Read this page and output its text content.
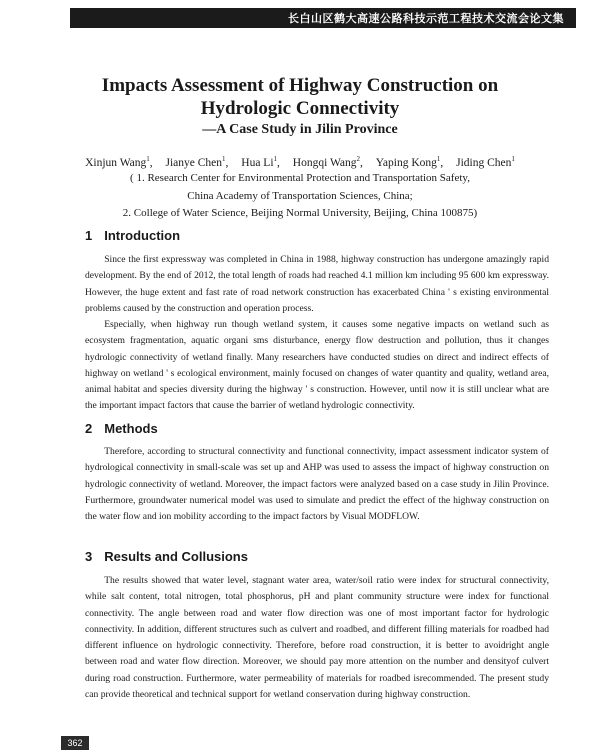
长白山区鹤大高速公路科技示范工程技术交流会论文集
Impacts Assessment of Highway Construction on
Hydrologic Connectivity
—A Case Study in Jilin Province
Xinjun Wang$^1$, Jianye Chen$^1$, Hua Li$^1$, Hongqi Wang$^2$, Yaping Kong$^1$, Jiding Chen$^1$
( 1. Research Center for Environmental Protection and Transportation Safety,
China Academy of Transportation Sciences, China;
2. College of Water Science, Beijing Normal University, Beijing, China 100875)
1 Introduction

Since the first expressway was completed in China in 1988, highway construction has undergone amazingly rapid development. By the end of 2012, the total length of roads had reached 4.1 million km including 95 600 km expressway. However, the huge extent and fast rate of road network construction has exacerbated China ' s existing environmental problems caused by the construction and operation process.

Especially, when highway run though wetland system, it causes some negative impacts on wetland such as ecosystem fragmentation, aquatic organi sms disturbance, energy flow destruction and pollution, thus it changes hydrologic connectivity of wetland finally. Many researchers have conducted studies on direct and indirect effects of highway on wetland ' s ecological environment, mainly focused on changes of water quantity and quality, wetland area, animal habitat and species diversity during the highway ' s construction. However, until now it is still unclear what are the important impact factors that cause the barrier of wetland hydrologic connectivity.

2 Methods

Therefore, according to structural connectivity and functional connectivity, impact assessment indicator system of hydrological connectivity in small-scale was set up and AHP was used to assess the impact of highway construction on hydrologic connectivity of wetland. Moreover, the impact factors were analyzed based on a case study in Jilin Province. Furthermore, groundwater numerical model was used to simulate and predict the effect of the highway construction on the water flow and ion mobility according to the impact factors by Visual MODFLOW.

3 Results and Collusions

The results showed that water level, stagnant water area, water/soil ratio were index for structural connectivity, while salt content, total nitrogen, total phosphorus, pH and plant community structure were index for functional connectivity. The angle between road and water flow direction was one of most important factor for hydrologic connectivity. In addition, different structures such as culvert and roadbed, and different filling materials for roadbed had different influence on hydrologic connectivity. Therefore, before road construction, it is better to avoidright angle between road and water flow direction. Moreover, we should pay more attention on the number and densityof culvert during road construction. Furthermore, water permeability of materials for roadbed isrecommended. The present study can provide theoretical and technical support for wetland conservation during highway construction.

362
